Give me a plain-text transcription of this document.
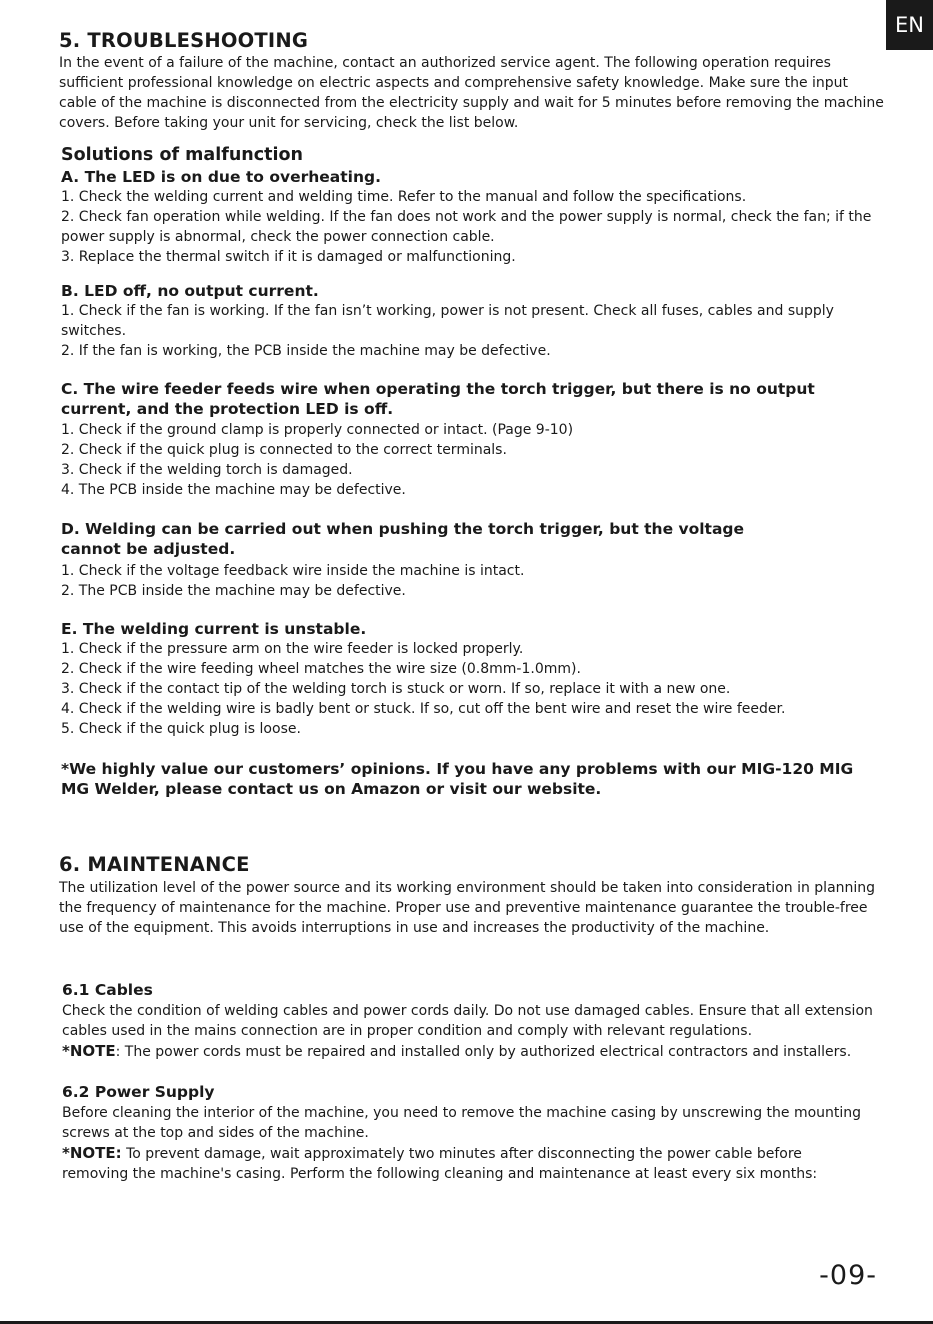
EN
5. TROUBLESHOOTING
In the event of a failure of the machine, contact an authorized service agent. The following operation requires sufficient professional knowledge on electric aspects and comprehensive safety knowledge. Make sure the input cable of the machine is disconnected from the electricity supply and wait for 5 minutes before removing the machine covers. Before taking your unit for servicing, check the list below.
Solutions of malfunction
A. The LED is on due to overheating.
1. Check the welding current and welding time. Refer to the manual and follow the specifications.
2. Check fan operation while welding. If the fan does not work and the power supply is normal, check the fan; if the power supply is abnormal, check the power connection cable.
3. Replace the thermal switch if it is damaged or malfunctioning.
B. LED off, no output current.
1. Check if the fan is working. If the fan isn’t working, power is not present. Check all fuses, cables and supply switches.
2. If the fan is working, the PCB inside the machine may be defective.
C. The wire feeder feeds wire when operating the torch trigger, but there is no output current, and the protection LED is off.
1. Check if the ground clamp is properly connected or intact. (Page 9-10)
2. Check if the quick plug is connected to the correct terminals.
3. Check if the welding torch is damaged.
4. The PCB inside the machine may be defective.
D. Welding can be carried out when pushing the torch trigger, but the voltage cannot be adjusted.
1. Check if the voltage feedback wire inside the machine is intact.
2. The PCB inside the machine may be defective.
E. The welding current is unstable.
1. Check if the pressure arm on the wire feeder is locked properly.
2. Check if the wire feeding wheel matches the wire size (0.8mm-1.0mm).
3. Check if the contact tip of the welding torch is stuck or worn. If so, replace it with a new one.
4. Check if the welding wire is badly bent or stuck. If so, cut off the bent wire and reset the wire feeder.
5. Check if the quick plug is loose.
*We highly value our customers’ opinions. If you have any problems with our MIG-120 MIG MG Welder, please contact us on Amazon or visit our website.
6. MAINTENANCE
The utilization level of the power source and its working environment should be taken into consideration in planning the frequency of maintenance for the machine. Proper use and preventive maintenance guarantee the trouble-free use of the equipment. This avoids interruptions in use and increases the productivity of the machine.
6.1 Cables
Check the condition of welding cables and power cords daily. Do not use damaged cables. Ensure that all extension cables used in the mains connection are in proper condition and comply with relevant regulations.
*NOTE: The power cords must be repaired and installed only by authorized electrical contractors and installers.
6.2 Power Supply
Before cleaning the interior of the machine, you need to remove the machine casing by unscrewing the mounting screws at the top and sides of the machine.
*NOTE: To prevent damage, wait approximately two minutes after disconnecting the power cable before removing the machine's casing. Perform the following cleaning and maintenance at least every six months:
-09-
